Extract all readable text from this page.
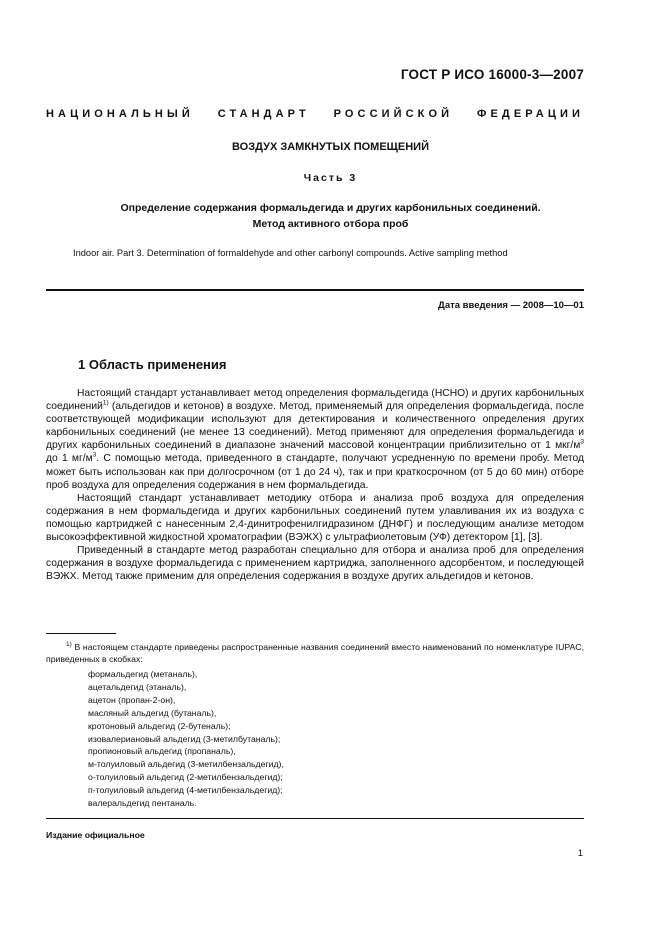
ГОСТ Р ИСО 16000-3—2007
НАЦИОНАЛЬНЫЙ СТАНДАРТ РОССИЙСКОЙ ФЕДЕРАЦИИ
ВОЗДУХ ЗАМКНУТЫХ ПОМЕЩЕНИЙ
Часть 3
Определение содержания формальдегида и других карбонильных соединений.
Метод активного отбора проб
Indoor air. Part 3. Determination of formaldehyde and other carbonyl compounds. Active sampling method
Дата введения — 2008—10—01
1 Область применения

Настоящий стандарт устанавливает метод определения формальдегида (НСНО) и других карбонильных соединений$^{1)}$ (альдегидов и кетонов) в воздухе. Метод, применяемый для определения формальдегида, после соответствующей модификации используют для детектирования и количественного определения других карбонильных соединений (не менее 13 соединений). Метод применяют для определения формальдегида и других карбонильных соединений в диапазоне значений массовой концентрации приблизительно от 1 мкг/$м^3$ до 1 $мг/м^3$. С помощью метода, приведенного в стандарте, получают усредненную по времени пробу. Метод может быть использован как при долгосрочном (от 1 до 24 ч), так и при краткосрочном (от 5 до 60 мин) отборе проб воздуха для определения содержания в нем формальдегида.

Настоящий стандарт устанавливает методику отбора и анализа проб воздуха для определения содержания в нем формальдегида и других карбонильных соединений путем улавливания их из воздуха с помощью картриджей с нанесенным 2,4-динитрофенилгидразином (ДНФГ) и последующим анализе методом высокоэффективной жидкостной хроматографии (ВЭЖХ) с ультрафиолетовым (УФ) детектором [1], [3].

Приведенный в стандарте метод разработан специально для отбора и анализа проб для определения содержания в воздухе формальдегида с применением картриджа, заполненного адсорбентом, и последующей ВЭЖХ. Метод также применим для определения содержания в воздухе других альдегидов и кетонов.

$^{1)}$ В настоящем стандарте приведены распространенные названия соединений вместо наименований по номенклатуре IUPAC, приведенных в скобках:

формальдегид (метаналь),
ацетальдегид (этаналь),
ацетон (пропан-2-он),
масляный альдегид (бутаналь),
кротоновый альдегид (2-бутеналь);
изовалериановый альдегид (3-метилбутаналь);
пропионовый альдегид (пропаналь),
м-толуиловый альдегид (3-метилбензальдегид),
о-толуиловый альдегид (2-метилбензальдегид);
п-толуиловый альдегид (4-метилбензальдегид);
валеральдегид пентаналь.
Издание официальное
1
